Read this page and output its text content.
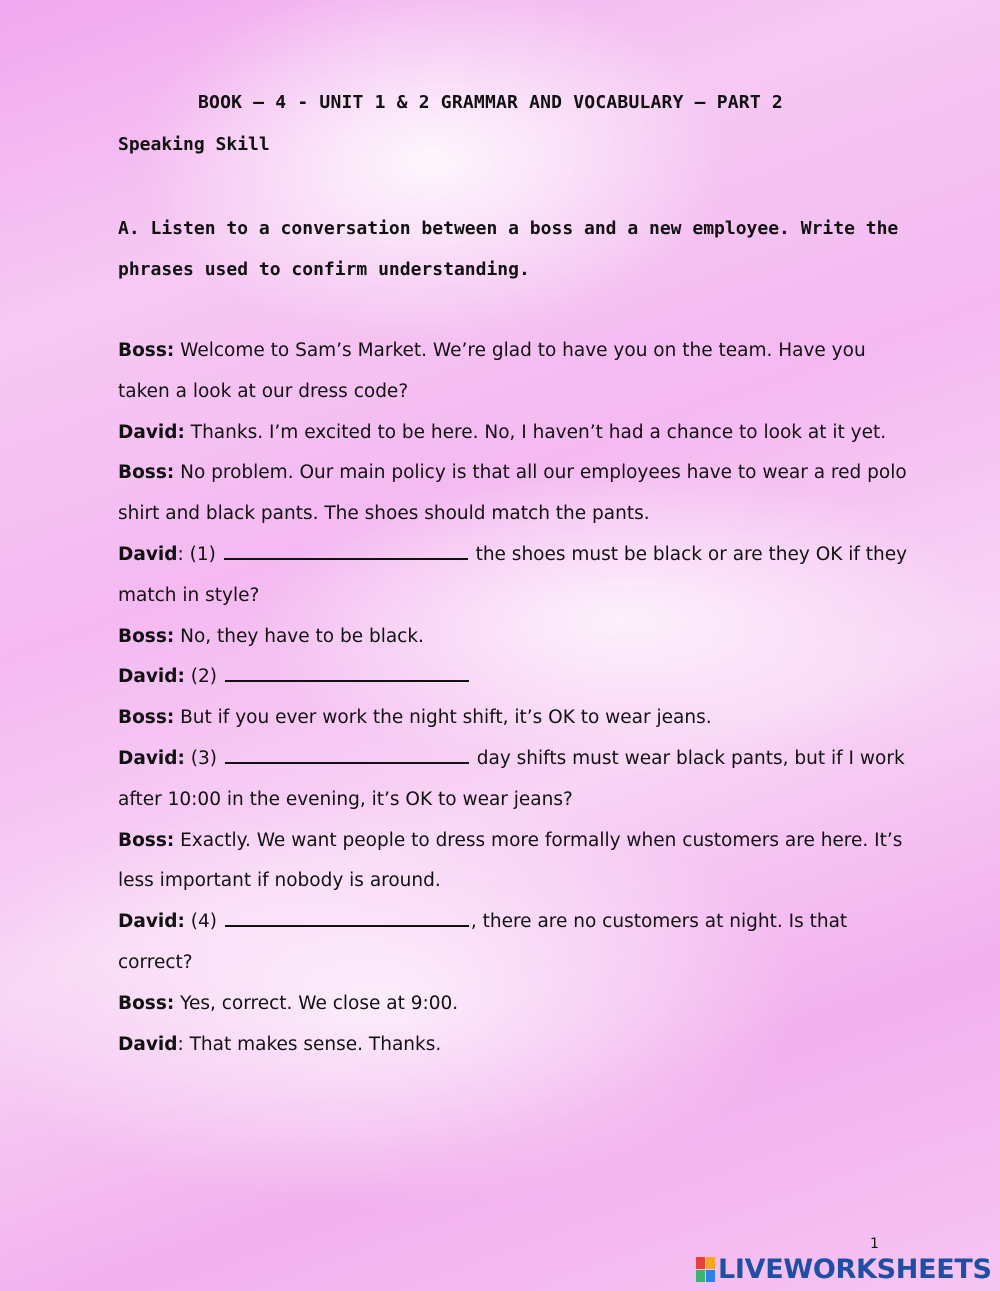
BOOK – 4 - UNIT 1 & 2 GRAMMAR AND VOCABULARY – PART 2
Speaking Skill
A. Listen to a conversation between a boss and a new employee. Write the phrases used to confirm understanding.

Boss: Welcome to Sam’s Market. We’re glad to have you on the team. Have you taken a look at our dress code?

David: Thanks. I’m excited to be here. No, I haven’t had a chance to look at it yet.

Boss: No problem. Our main policy is that all our employees have to wear a red polo shirt and black pants. The shoes should match the pants.

David: (1)	the shoes must be black or are they OK if they match in style?

Boss: No, they have to be black.

David: (2)

Boss: But if you ever work the night shift, it’s OK to wear jeans.

David: (3)	day shifts must wear black pants, but if I work after 10:00 in the evening, it’s OK to wear jeans?

Boss: Exactly. We want people to dress more formally when customers are here. It’s less important if nobody is around.

David: (4)	, there are no customers at night. Is that correct?

Boss: Yes, correct. We close at 9:00.

David: That makes sense. Thanks.

1
LIVEWORKSHEETS
